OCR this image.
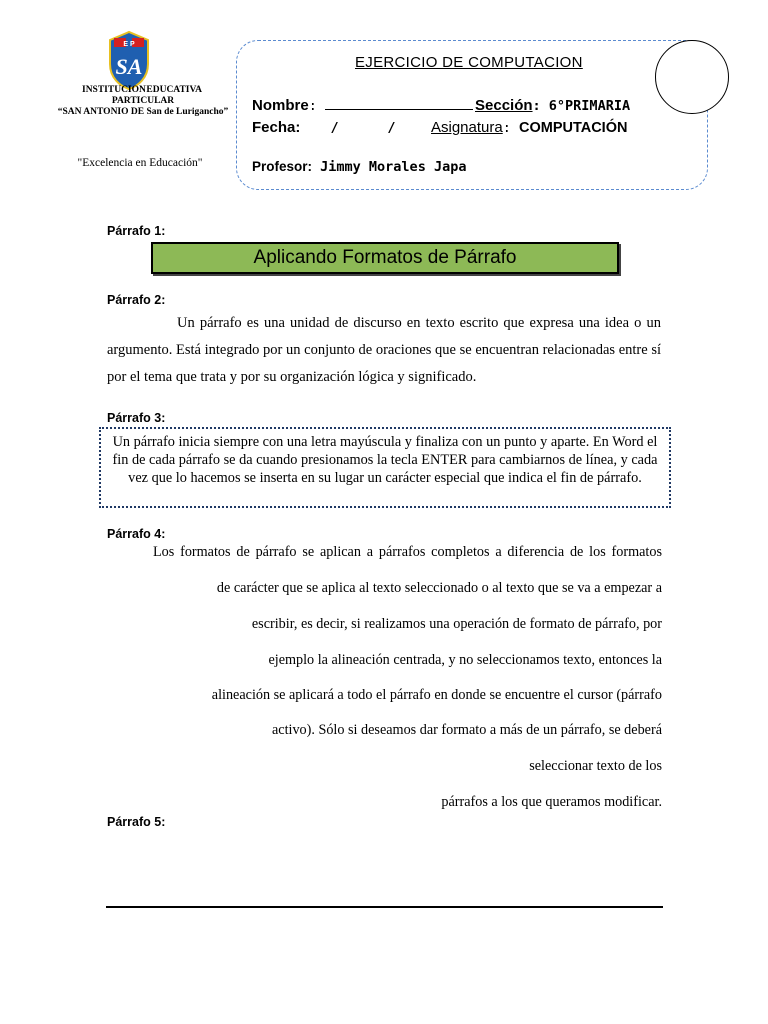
E P
SA
INSTITUCION EDUCATIVA
PARTICULAR
“SAN ANTONIO DE San de Lurigancho”
"Excelencia en Educación"
EJERCICIO DE COMPUTACION
Nombre:	Sección: 6°PRIMARIA
Fecha: /      / Asignatura: COMPUTACIÓN
Profesor: Jimmy Morales Japa
Párrafo 1:
Aplicando Formatos de Párrafo
Párrafo 2:
Un párrafo es una unidad de discurso en texto escrito que expresa una idea o un argumento. Está integrado por un conjunto de oraciones que se encuentran relacionadas entre sí por el tema que trata y por su organización lógica y significado.
Párrafo 3:
Un párrafo inicia siempre con una letra mayúscula y finaliza con un punto y aparte. En Word el fin de cada párrafo se da cuando presionamos la tecla ENTER para cambiarnos de línea, y cada vez que lo hacemos se inserta en su lugar un carácter especial que indica el fin de párrafo.
Párrafo 4:
Los formatos de párrafo se aplican a párrafos completos a diferencia de los formatos
de carácter que se aplica al texto seleccionado o al texto que se va a empezar a
escribir, es decir, si realizamos una operación de formato de párrafo, por
ejemplo la alineación centrada, y no seleccionamos texto, entonces la
alineación se aplicará a todo el párrafo en donde se encuentre el cursor (párrafo
activo). Sólo si deseamos dar formato a más de un párrafo, se deberá
seleccionar texto de los
párrafos a los que queramos modificar.
Párrafo 5:
